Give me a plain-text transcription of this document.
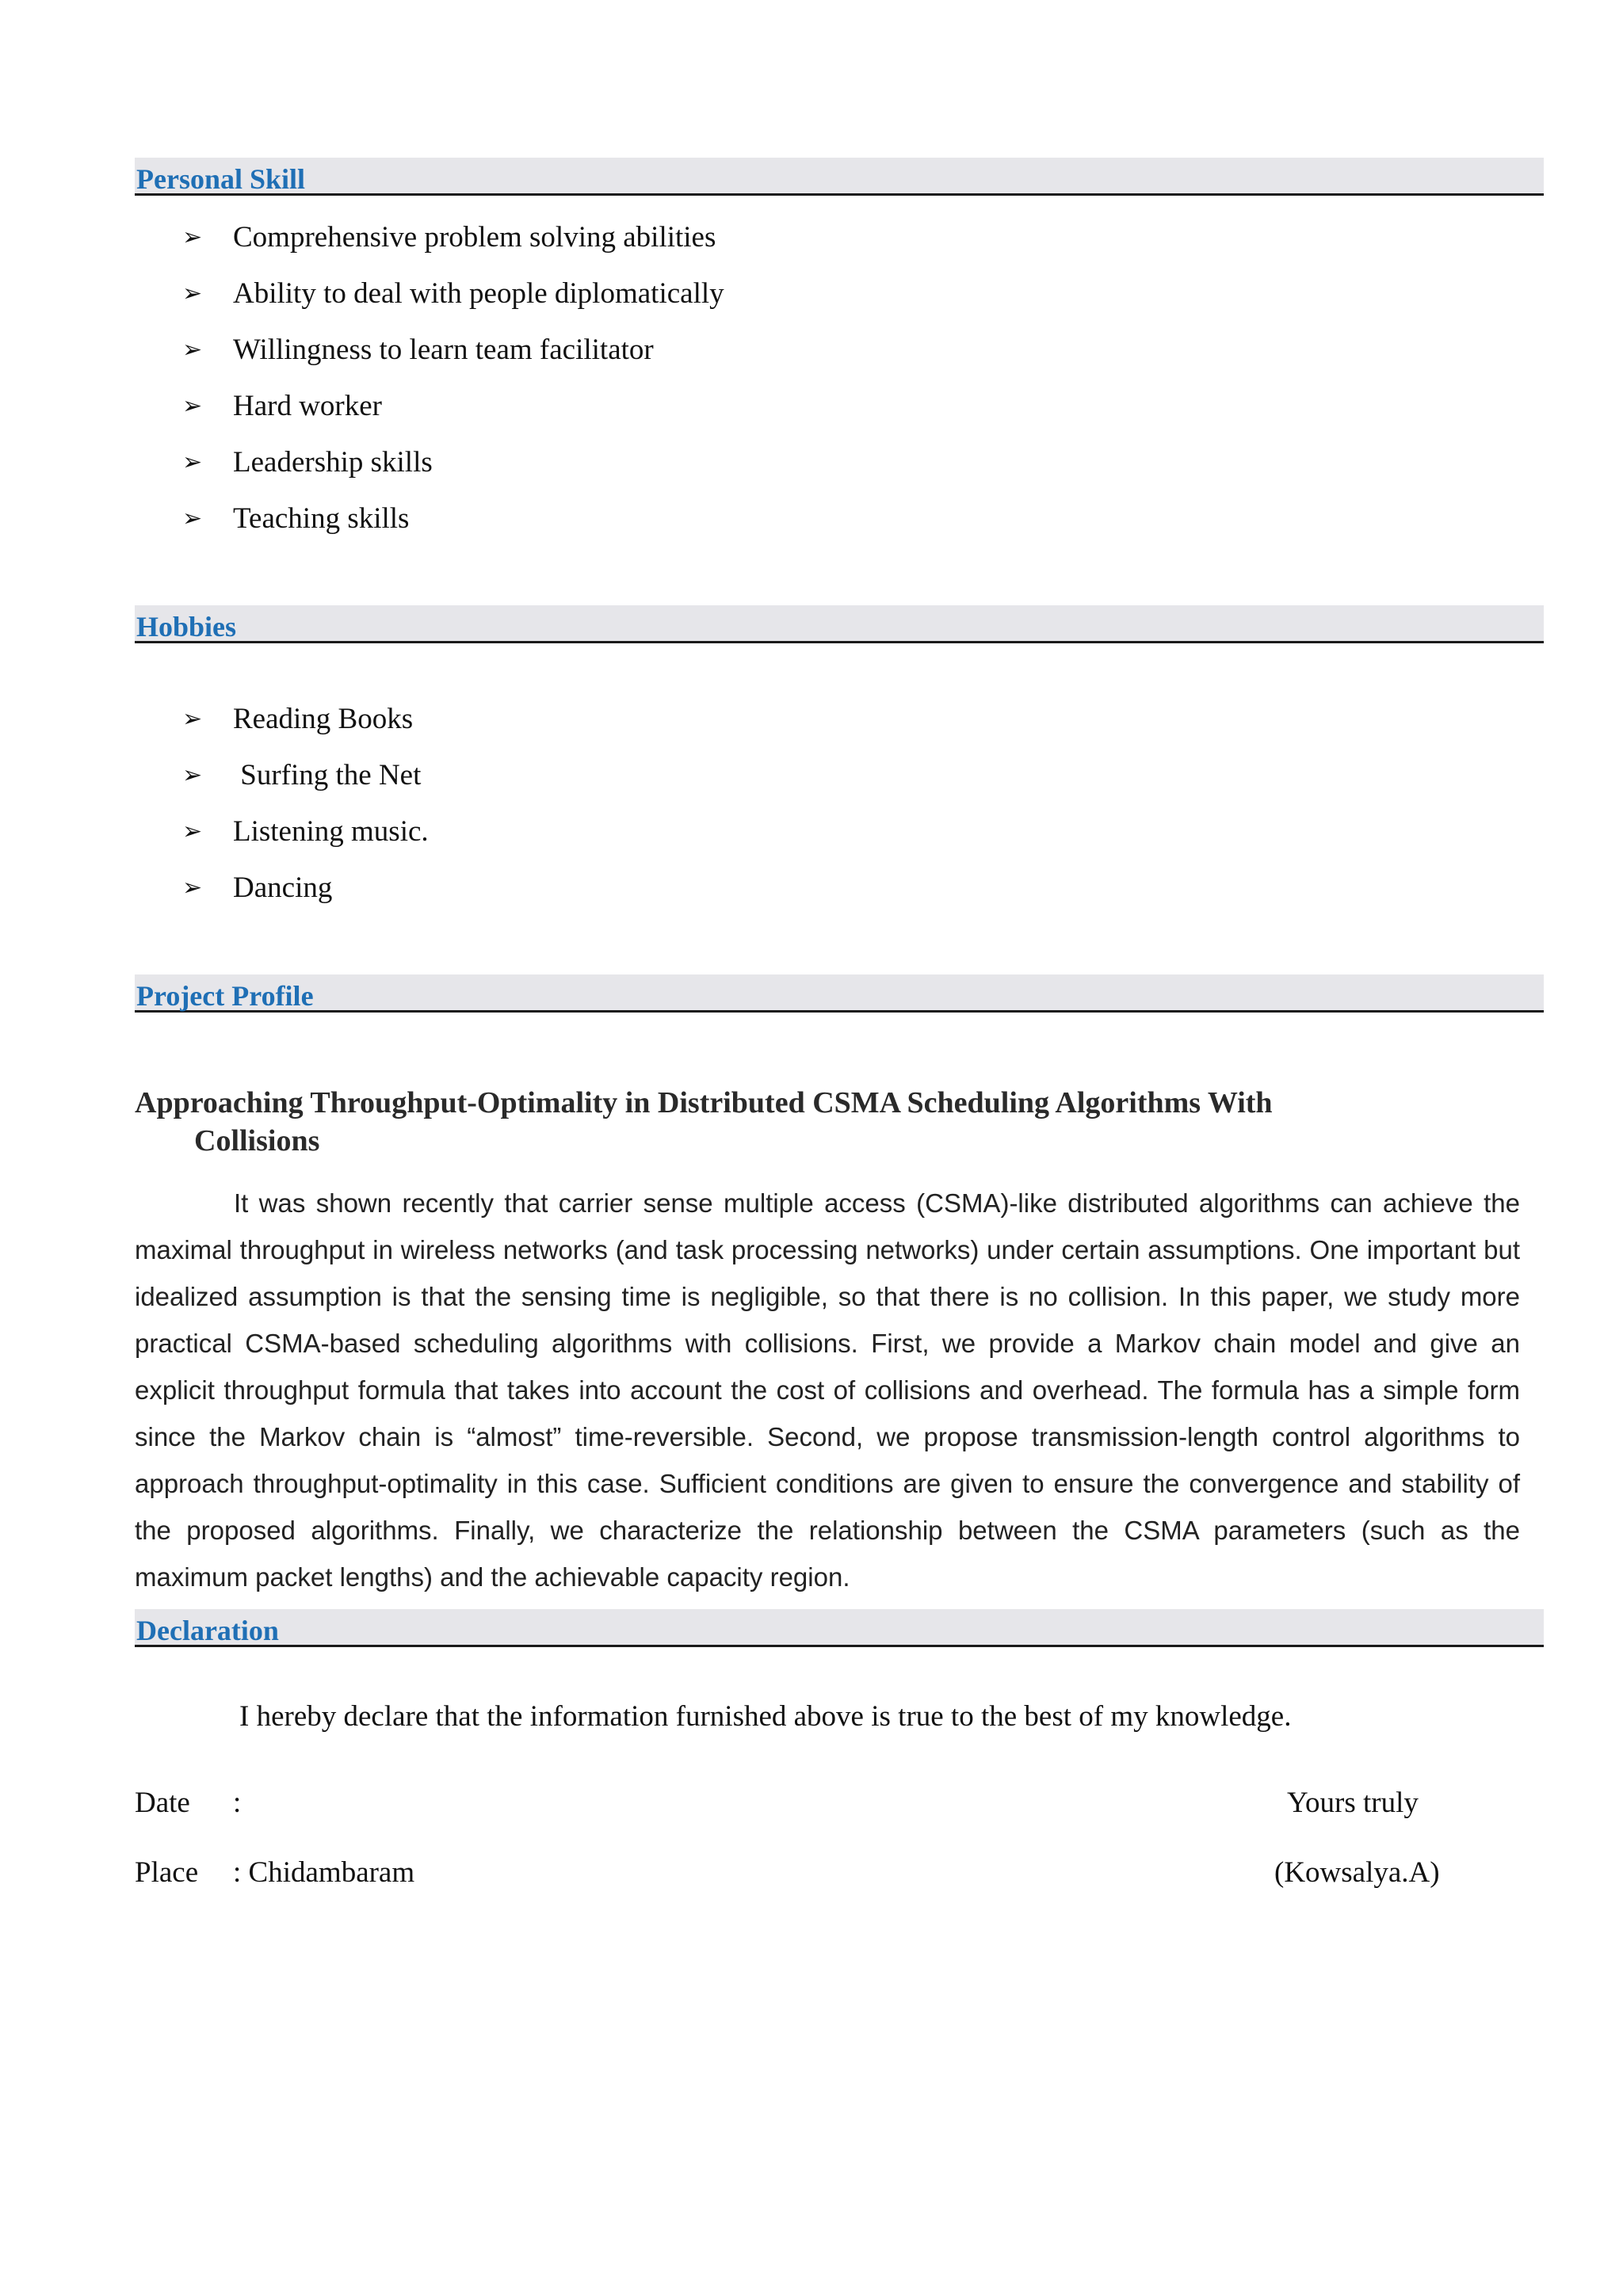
Personal Skill
➢	Comprehensive problem solving abilities
➢	Ability to deal with people diplomatically
➢	Willingness to learn team facilitator
➢	Hard worker
➢	Leadership skills
➢	Teaching skills
Hobbies
➢	Reading Books
➢	Surfing the Net
➢	Listening music.
➢	Dancing
Project Profile
Approaching Throughput-Optimality in Distributed CSMA Scheduling Algorithms With
Collisions

It was shown recently that carrier sense multiple access (CSMA)-like distributed algorithms can achieve the maximal throughput in wireless networks (and task processing networks) under certain assumptions. One important but idealized assumption is that the sensing time is negligible, so that there is no collision. In this paper, we study more practical CSMA-based scheduling algorithms with collisions. First, we provide a Markov chain model and give an explicit throughput formula that takes into account the cost of collisions and overhead. The formula has a simple form since the Markov chain is “almost” time-reversible. Second, we propose transmission-length control algorithms to approach throughput-optimality in this case. Sufficient conditions are given to ensure the convergence and stability of the proposed algorithms. Finally, we characterize the relationship between the CSMA parameters (such as the maximum packet lengths) and the achievable capacity region.

Declaration

I hereby declare that the information furnished above is true to the best of my knowledge.

Date :	Yours truly
Place : Chidambaram	(Kowsalya.A)
